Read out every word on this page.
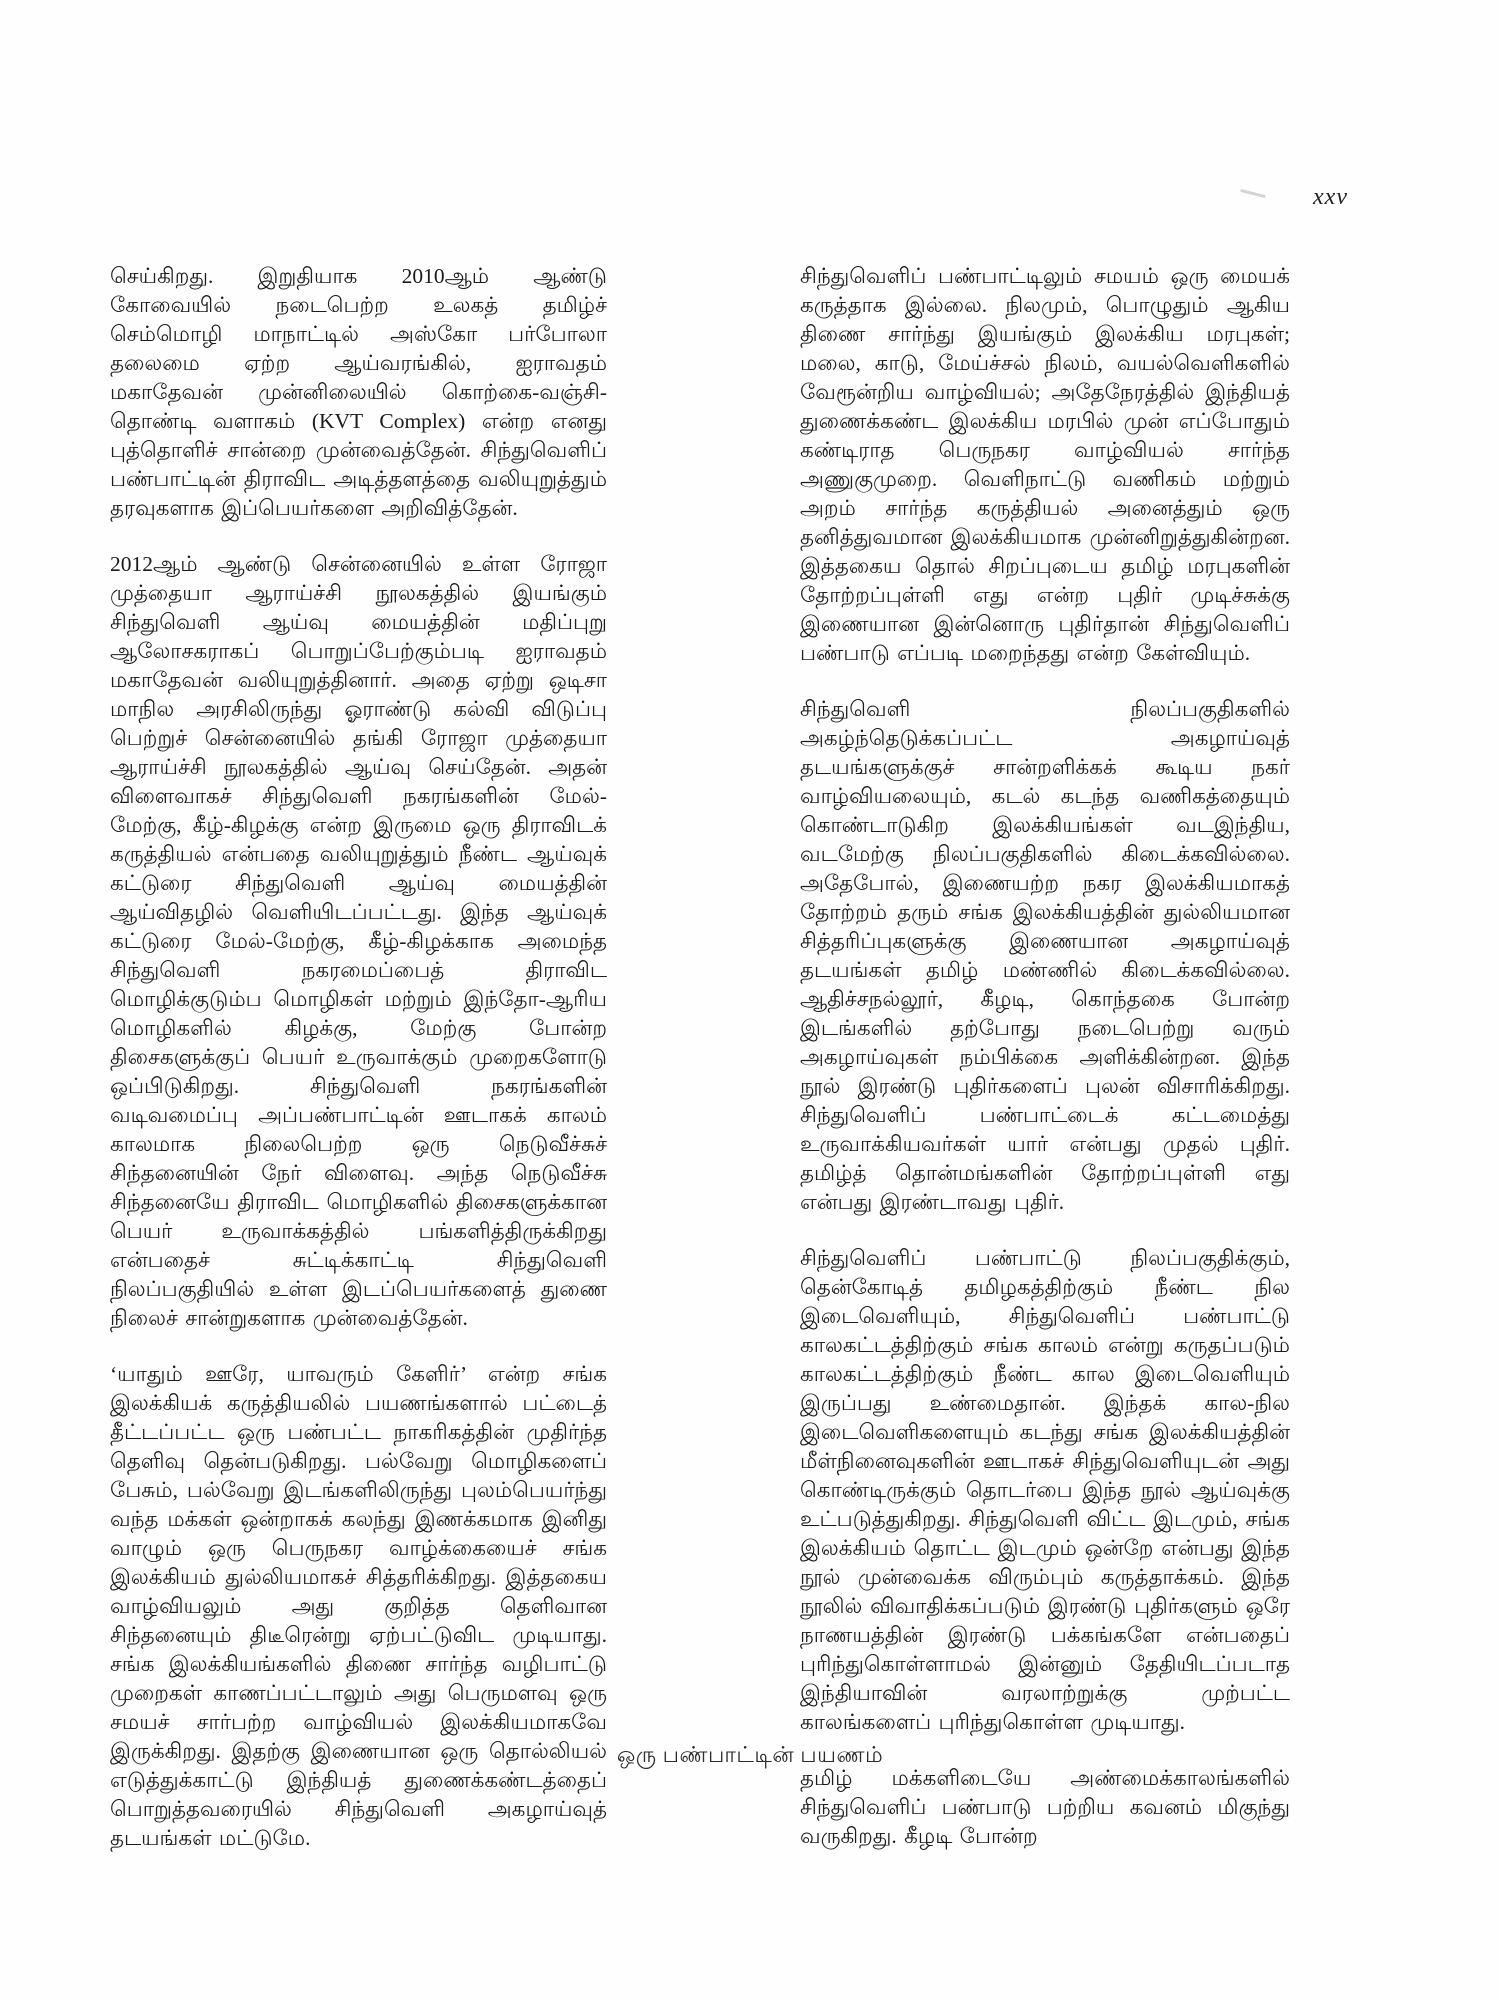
xxv

செய்கிறது. இறுதியாக 2010ஆம் ஆண்டு கோவையில் நடைபெற்ற உலகத் தமிழ்ச் செம்மொழி மாநாட்டில் அஸ்கோ பர்போலா தலைமை ஏற்ற ஆய்வரங்கில், ஐராவதம் மகாதேவன் முன்னிலையில் கொற்கை-வஞ்சி-தொண்டி வளாகம் (KVT Complex) என்ற எனது புத்தொளிச் சான்றை முன்வைத்தேன். சிந்துவெளிப் பண்பாட்டின் திராவிட அடித்தளத்தை வலியுறுத்தும் தரவுகளாக இப்பெயர்களை அறிவித்தேன்.

2012ஆம் ஆண்டு சென்னையில் உள்ள ரோஜா முத்தையா ஆராய்ச்சி நூலகத்தில் இயங்கும் சிந்துவெளி ஆய்வு மையத்தின் மதிப்புறு ஆலோசகராகப் பொறுப்பேற்கும்படி ஐராவதம் மகாதேவன் வலியுறுத்தினார். அதை ஏற்று ஒடிசா மாநில அரசிலிருந்து ஓராண்டு கல்வி விடுப்பு பெற்றுச் சென்னையில் தங்கி ரோஜா முத்தையா ஆராய்ச்சி நூலகத்தில் ஆய்வு செய்தேன். அதன் விளைவாகச் சிந்துவெளி நகரங்களின் மேல்-மேற்கு, கீழ்-கிழக்கு என்ற இருமை ஒரு திராவிடக் கருத்தியல் என்பதை வலியுறுத்தும் நீண்ட ஆய்வுக் கட்டுரை சிந்துவெளி ஆய்வு மையத்தின் ஆய்விதழில் வெளியிடப்பட்டது. இந்த ஆய்வுக் கட்டுரை மேல்-மேற்கு, கீழ்-கிழக்காக அமைந்த சிந்துவெளி நகரமைப்பைத் திராவிட மொழிக்குடும்ப மொழிகள் மற்றும் இந்தோ-ஆரிய மொழிகளில் கிழக்கு, மேற்கு போன்ற திசைகளுக்குப் பெயர் உருவாக்கும் முறைகளோடு ஒப்பிடுகிறது. சிந்துவெளி நகரங்களின் வடிவமைப்பு அப்பண்பாட்டின் ஊடாகக் காலம் காலமாக நிலைபெற்ற ஒரு நெடுவீச்சுச் சிந்தனையின் நேர் விளைவு. அந்த நெடுவீச்சு சிந்தனையே திராவிட மொழிகளில் திசைகளுக்கான பெயர் உருவாக்கத்தில் பங்களித்திருக்கிறது என்பதைச் சுட்டிக்காட்டி சிந்துவெளி நிலப்பகுதியில் உள்ள இடப்பெயர்களைத் துணை நிலைச் சான்றுகளாக முன்வைத்தேன்.

‘யாதும் ஊரே, யாவரும் கேளிர்’ என்ற சங்க இலக்கியக் கருத்தியலில் பயணங்களால் பட்டைத் தீட்டப்பட்ட ஒரு பண்பட்ட நாகரிகத்தின் முதிர்ந்த தெளிவு தென்படுகிறது. பல்வேறு மொழிகளைப் பேசும், பல்வேறு இடங்களிலிருந்து புலம்பெயர்ந்து வந்த மக்கள் ஒன்றாகக் கலந்து இணக்கமாக இனிது வாழும் ஒரு பெருநகர வாழ்க்கையைச் சங்க இலக்கியம் துல்லியமாகச் சித்தரிக்கிறது. இத்தகைய வாழ்வியலும் அது குறித்த தெளிவான சிந்தனையும் திடீரென்று ஏற்பட்டுவிட முடியாது. சங்க இலக்கியங்களில் திணை சார்ந்த வழிபாட்டு முறைகள் காணப்பட்டாலும் அது பெருமளவு ஒரு சமயச் சார்பற்ற வாழ்வியல் இலக்கியமாகவே இருக்கிறது. இதற்கு இணையான ஒரு தொல்லியல் எடுத்துக்காட்டு இந்தியத் துணைக்கண்டத்தைப் பொறுத்தவரையில் சிந்துவெளி அகழாய்வுத் தடயங்கள் மட்டுமே.

சிந்துவெளிப் பண்பாட்டிலும் சமயம் ஒரு மையக் கருத்தாக இல்லை. நிலமும், பொழுதும் ஆகிய திணை சார்ந்து இயங்கும் இலக்கிய மரபுகள்; மலை, காடு, மேய்ச்சல் நிலம், வயல்வெளிகளில் வேரூன்றிய வாழ்வியல்; அதேநேரத்தில் இந்தியத் துணைக்கண்ட இலக்கிய மரபில் முன் எப்போதும் கண்டிராத பெருநகர வாழ்வியல் சார்ந்த அணுகுமுறை. வெளிநாட்டு வணிகம் மற்றும் அறம் சார்ந்த கருத்தியல் அனைத்தும் ஒரு தனித்துவமான இலக்கியமாக முன்னிறுத்துகின்றன. இத்தகைய தொல் சிறப்புடைய தமிழ் மரபுகளின் தோற்றப்புள்ளி எது என்ற புதிர் முடிச்சுக்கு இணையான இன்னொரு புதிர்தான் சிந்துவெளிப் பண்பாடு எப்படி மறைந்தது என்ற கேள்வியும்.

சிந்துவெளி நிலப்பகுதிகளில் அகழ்ந்தெடுக்கப்பட்ட அகழாய்வுத் தடயங்களுக்குச் சான்றளிக்கக் கூடிய நகர் வாழ்வியலையும், கடல் கடந்த வணிகத்தையும் கொண்டாடுகிற இலக்கியங்கள் வடஇந்திய, வடமேற்கு நிலப்பகுதிகளில் கிடைக்கவில்லை. அதேபோல், இணையற்ற நகர இலக்கியமாகத் தோற்றம் தரும் சங்க இலக்கியத்தின் துல்லியமான சித்தரிப்புகளுக்கு இணையான அகழாய்வுத் தடயங்கள் தமிழ் மண்ணில் கிடைக்கவில்லை. ஆதிச்சநல்லூர், கீழடி, கொந்தகை போன்ற இடங்களில் தற்போது நடைபெற்று வரும் அகழாய்வுகள் நம்பிக்கை அளிக்கின்றன. இந்த நூல் இரண்டு புதிர்களைப் புலன் விசாரிக்கிறது. சிந்துவெளிப் பண்பாட்டைக் கட்டமைத்து உருவாக்கியவர்கள் யார் என்பது முதல் புதிர். தமிழ்த் தொன்மங்களின் தோற்றப்புள்ளி எது என்பது இரண்டாவது புதிர்.

சிந்துவெளிப் பண்பாட்டு நிலப்பகுதிக்கும், தென்கோடித் தமிழகத்திற்கும் நீண்ட நில இடைவெளியும், சிந்துவெளிப் பண்பாட்டு காலகட்டத்திற்கும் சங்க காலம் என்று கருதப்படும் காலகட்டத்திற்கும் நீண்ட கால இடைவெளியும் இருப்பது உண்மைதான். இந்தக் கால-நில இடைவெளிகளையும் கடந்து சங்க இலக்கியத்தின் மீள்நினைவுகளின் ஊடாகச் சிந்துவெளியுடன் அது கொண்டிருக்கும் தொடர்பை இந்த நூல் ஆய்வுக்கு உட்படுத்துகிறது. சிந்துவெளி விட்ட இடமும், சங்க இலக்கியம் தொட்ட இடமும் ஒன்றே என்பது இந்த நூல் முன்வைக்க விரும்பும் கருத்தாக்கம். இந்த நூலில் விவாதிக்கப்படும் இரண்டு புதிர்களும் ஒரே நாணயத்தின் இரண்டு பக்கங்களே என்பதைப் புரிந்துகொள்ளாமல் இன்னும் தேதியிடப்படாத இந்தியாவின் வரலாற்றுக்கு முற்பட்ட காலங்களைப் புரிந்துகொள்ள முடியாது.

தமிழ் மக்களிடையே அண்மைக்காலங்களில் சிந்துவெளிப் பண்பாடு பற்றிய கவனம் மிகுந்து வருகிறது. கீழடி போன்ற

ஒரு பண்பாட்டின் பயணம்
